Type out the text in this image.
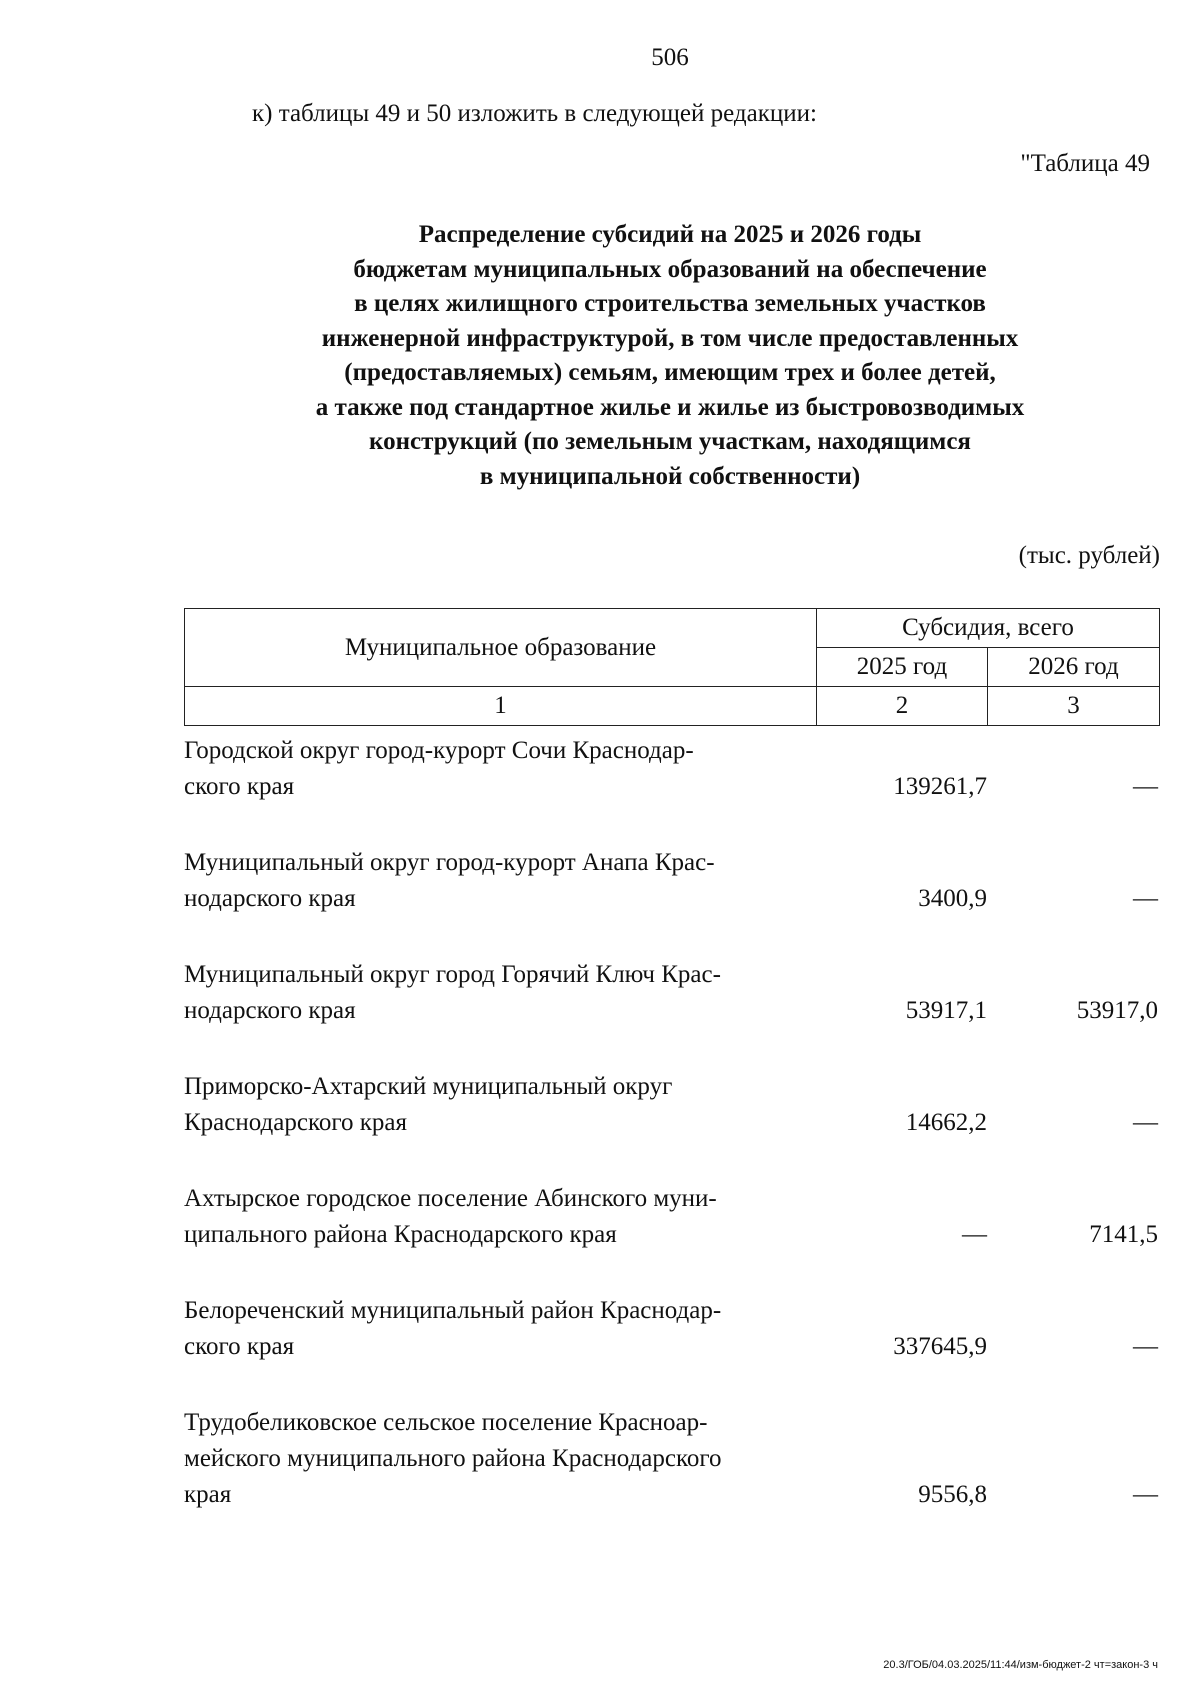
506
к) таблицы 49 и 50 изложить в следующей редакции:
"Таблица 49
Распределение субсидий на 2025 и 2026 годы
бюджетам муниципальных образований на обеспечение
в целях жилищного строительства земельных участков
инженерной инфраструктурой, в том числе предоставленных
(предоставляемых) семьям, имеющим трех и более детей,
а также под стандартное жилье и жилье из быстровозводимых
конструкций (по земельным участкам, находящимся
в муниципальной собственности)
(тыс. рублей)
Муниципальное образование	Субсидия, всего	
	2025 год	2026 год
1	2	3
Городской округ город-курорт Сочи Краснодар-
ского края	139261,7	—
Муниципальный округ город-курорт Анапа Крас-
нодарского края	3400,9	—
Муниципальный округ город Горячий Ключ Крас-
нодарского края	53917,1	53917,0
Приморско-Ахтарский муниципальный округ
Краснодарского края	14662,2	—
Ахтырское городское поселение Абинского муни-
ципального района Краснодарского края	—	7141,5
Белореченский муниципальный район Краснодар-
ского края	337645,9	—
Трудобеликовское сельское поселение Красноар-
мейского муниципального района Краснодарского
края	9556,8	—
20.3/ГОБ/04.03.2025/11:44/изм-бюджет-2 чт=закон-3 ч
